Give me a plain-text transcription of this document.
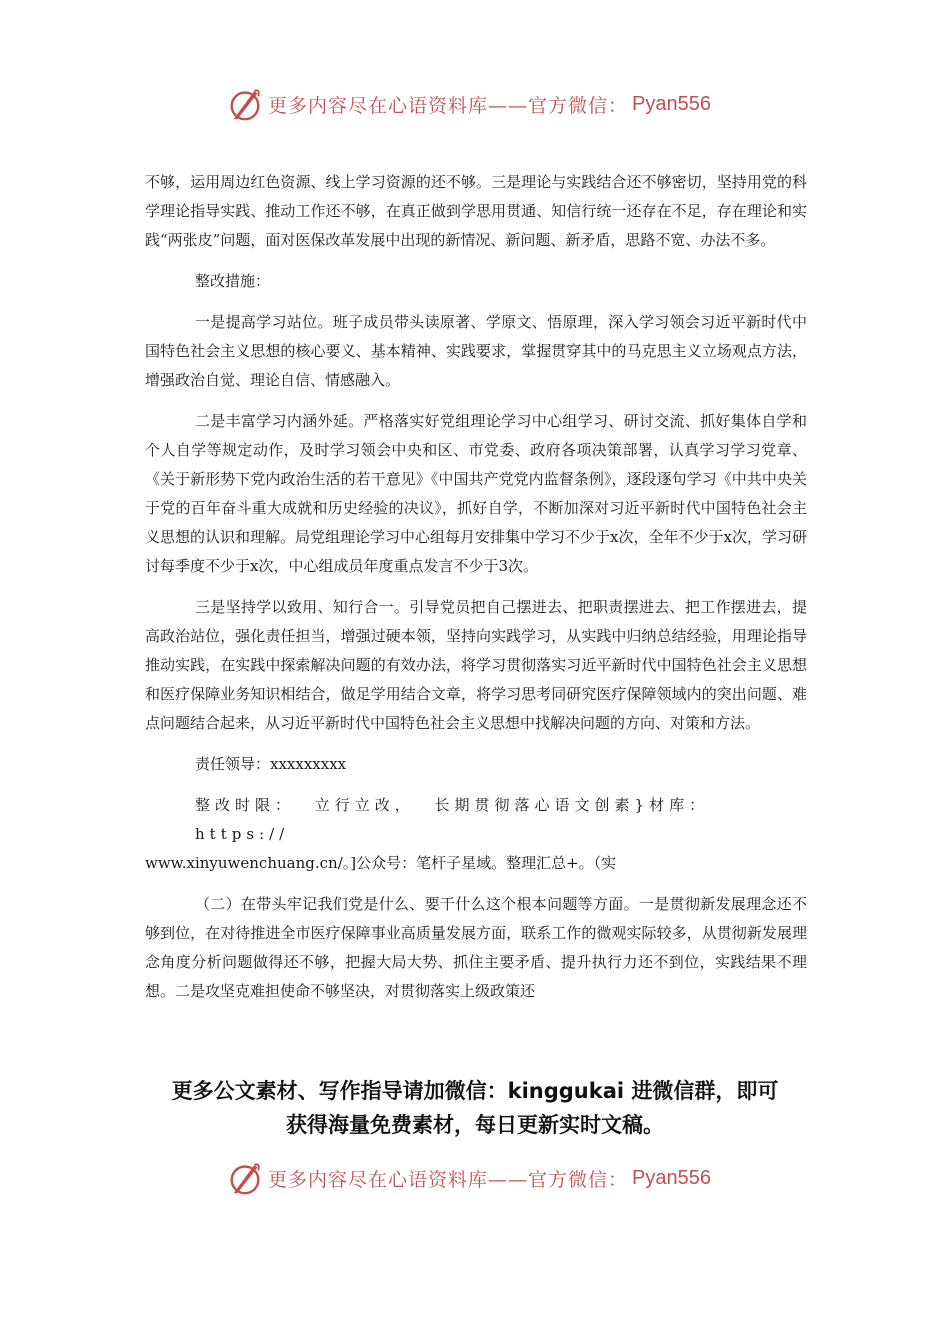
更多内容尽在心语资料库——官方微信： Pyan556

不够，运用周边红色资源、线上学习资源的还不够。三是理论与实践结合还不够密切，坚持用党的科学理论指导实践、推动工作还不够，在真正做到学思用贯通、知信行统一还存在不足，存在理论和实践“两张皮”问题，面对医保改革发展中出现的新情况、新问题、新矛盾，思路不宽、办法不多。

整改措施：

一是提高学习站位。班子成员带头读原著、学原文、悟原理，深入学习领会习近平新时代中国特色社会主义思想的核心要义、基本精神、实践要求，掌握贯穿其中的马克思主义立场观点方法，增强政治自觉、理论自信、情感融入。

二是丰富学习内涵外延。严格落实好党组理论学习中心组学习、研讨交流、抓好集体自学和个人自学等规定动作，及时学习领会中央和区、市党委、政府各项决策部署，认真学习学习党章、《关于新形势下党内政治生活的若干意见》《中国共产党党内监督条例》，逐段逐句学习《中共中央关于党的百年奋斗重大成就和历史经验的决议》，抓好自学，不断加深对习近平新时代中国特色社会主义思想的认识和理解。局党组理论学习中心组每月安排集中学习不少于x次，全年不少于x次，学习研讨每季度不少于x次，中心组成员年度重点发言不少于3次。

三是坚持学以致用、知行合一。引导党员把自己摆进去、把职责摆进去、把工作摆进去，提高政治站位，强化责任担当，增强过硬本领，坚持向实践学习，从实践中归纳总结经验，用理论指导推动实践，在实践中探索解决问题的有效办法，将学习贯彻落实习近平新时代中国特色社会主义思想和医疗保障业务知识相结合，做足学用结合文章，将学习思考同研究医疗保障领域内的突出问题、难点问题结合起来，从习近平新时代中国特色社会主义思想中找解决问题的方向、对策和方法。

责任领导：xxxxxxxxx

整改时限： 立行立改， 长期贯彻落心语文创素}材库： https://

www.xinyuwenchuang.cn/。]公众号：笔杆子星域。整理汇总+。（实

（二）在带头牢记我们党是什么、要干什么这个根本问题等方面。一是贯彻新发展理念还不够到位，在对待推进全市医疗保障事业高质量发展方面，联系工作的微观实际较多，从贯彻新发展理念角度分析问题做得还不够，把握大局大势、抓住主要矛盾、提升执行力还不到位，实践结果不理想。二是攻坚克难担使命不够坚决，对贯彻落实上级政策还

更多公文素材、写作指导请加微信：kinggukai 进微信群，即可
获得海量免费素材，每日更新实时文稿。
更多内容尽在心语资料库——官方微信： Pyan556
